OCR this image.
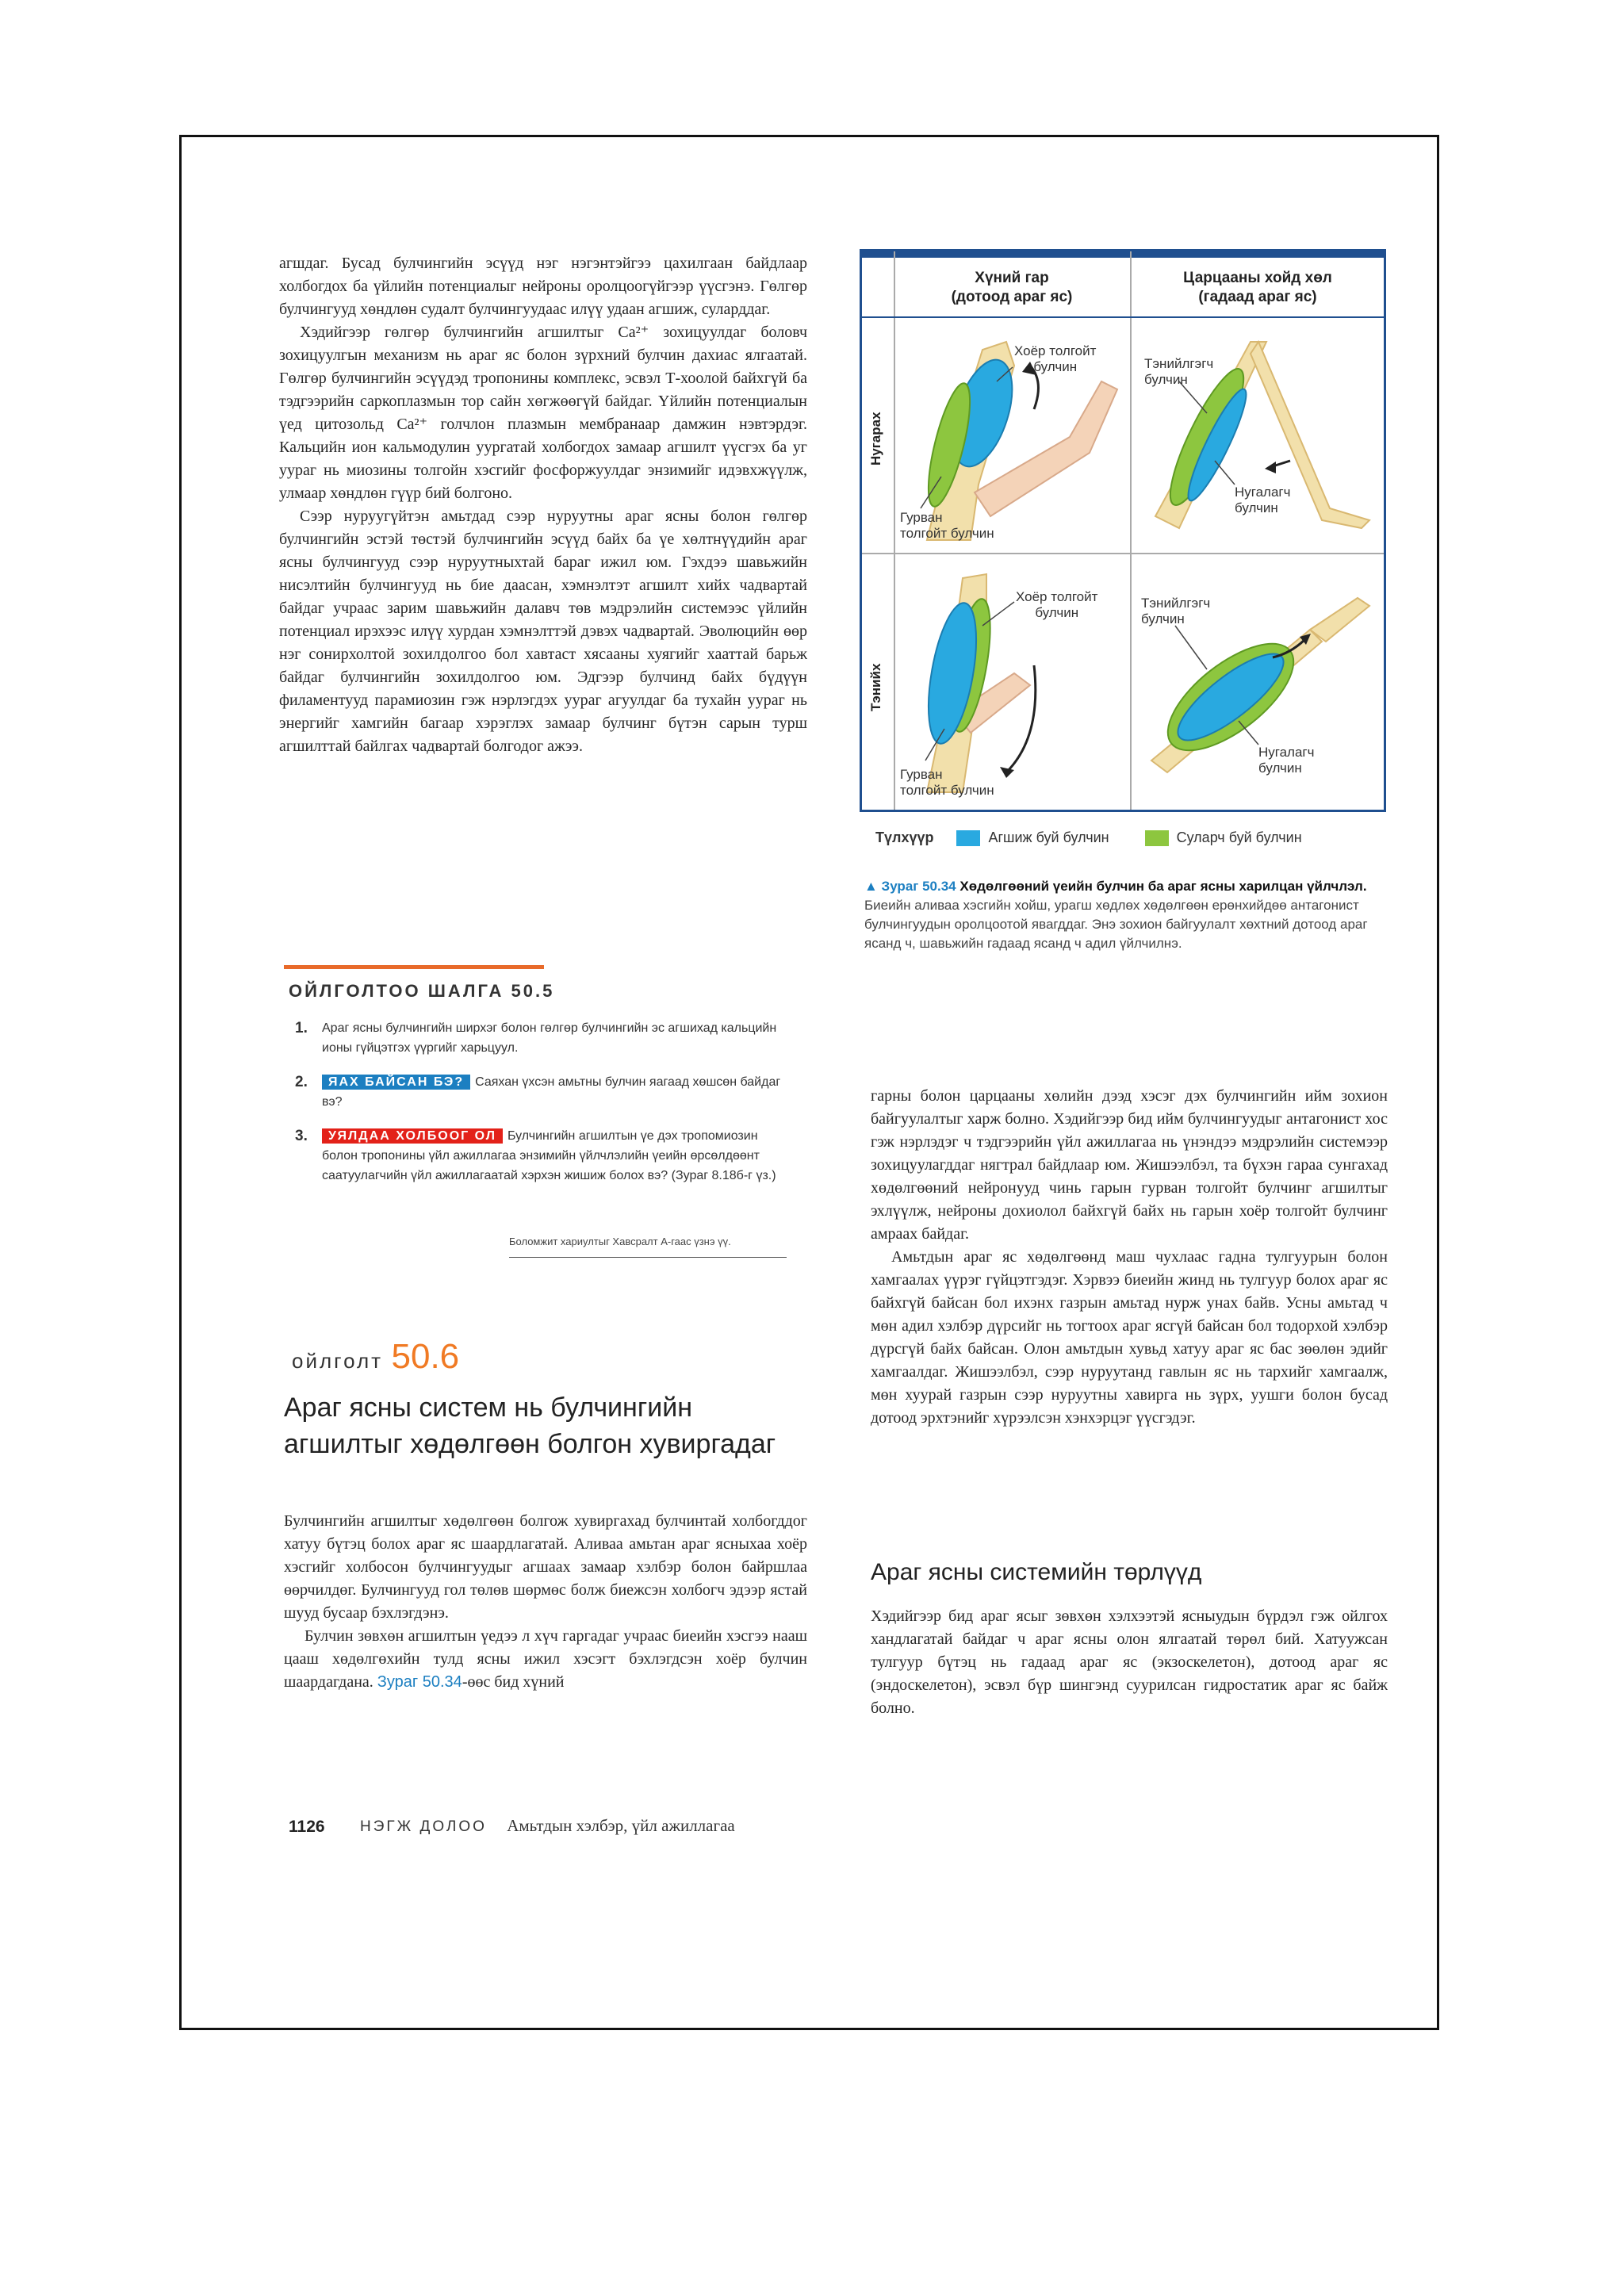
агшдаг. Бусад булчингийн эсүүд нэг нэгэнтэйгээ цахилгаан байдлаар холбогдох ба үйлийн потенциалыг нейроны оролцоогүйгээр үүсгэнэ. Гөлгөр булчингууд хөндлөн судалт булчингуудаас илүү удаан агшиж, суларддаг.

Хэдийгээр гөлгөр булчингийн агшилтыг Ca²⁺ зохицуулдаг боловч зохицуулгын механизм нь араг яс болон зүрхний булчин дахиас ялгаатай. Гөлгөр булчингийн эсүүдэд тропонины комплекс, эсвэл Т-хоолой байхгүй ба тэдгээрийн саркоплазмын тор сайн хөгжөөгүй байдаг. Үйлийн потенциалын үед цитозольд Ca²⁺ голчлон плазмын мембранаар дамжин нэвтэрдэг. Кальцийн ион кальмодулин уургатай холбогдох замаар агшилт үүсгэх ба уг уураг нь миозины толгойн хэсгийг фосфоржуулдаг энзимийг идэвхжүүлж, улмаар хөндлөн гүүр бий болгоно.

Сээр нуруугүйтэн амьтдад сээр нуруутны араг ясны болон гөлгөр булчингийн эстэй төстэй булчингийн эсүүд байх ба үе хөлтнүүдийн араг ясны булчингууд сээр нуруутныхтай бараг ижил юм. Гэхдээ шавьжийн нисэлтийн булчингууд нь бие даасан, хэмнэлтэт агшилт хийх чадвартай байдаг учраас зарим шавьжийн далавч төв мэдрэлийн системээс үйлийн потенциал ирэхээс илүү хурдан хэмнэлттэй дэвэх чадвартай. Эволюцийн өөр нэг сонирхолтой зохилдолгоо бол хавтаст хясааны хуягийг хааттай барьж байдаг булчингийн зохилдолгоо юм. Эдгээр булчинд байх бүдүүн филаментууд парамиозин гэж нэрлэгдэх уураг агуулдаг ба тухайн уураг нь энергийг хамгийн багаар хэрэглэх замаар булчинг бүтэн сарын турш агшилттай байлгах чадвартай болгодог ажээ.

ОЙЛГОЛТОО ШАЛГА 50.5
1. Араг ясны булчингийн ширхэг болон гөлгөр булчингийн эс агшихад кальцийн ионы гүйцэтгэх үүргийг харьцуул.
2. ЯАХ БАЙСАН БЭ? Саяхан үхсэн амьтны булчин яагаад хөшсөн байдаг вэ?
3. УЯЛДАА ХОЛБООГ ОЛ Булчингийн агшилтын үе дэх тропомиозин болон тропонины үйл ажиллагаа энзимийн үйлчлэлийн үеийн өрсөлдөөнт саатуулагчийн үйл ажиллагаатай хэрхэн жишиж болох вэ? (Зураг 8.18б-г үз.)
Боломжит хариултыг Хавсралт А-гаас үзнэ үү.
ойлголт 50.6
Араг ясны систем нь булчингийн агшилтыг хөдөлгөөн болгон хувиргадаг

Булчингийн агшилтыг хөдөлгөөн болгож хувиргахад булчинтай холбогддог хатуу бүтэц болох араг яс шаардлагатай. Аливаа амьтан араг ясныхаа хоёр хэсгийг холбосон булчингуудыг агшаах замаар хэлбэр болон байршлаа өөрчилдөг. Булчингууд гол төлөв шөрмөс болж биежсэн холбогч эдээр ястай шууд бусаар бэхлэгдэнэ.

Булчин зөвхөн агшилтын үедээ л хүч гаргадаг учраас биеийн хэсгээ нааш цааш хөдөлгөхийн тулд ясны ижил хэсэгт бэхлэгдсэн хоёр булчин шаардагдана. Зураг 50.34-өөс бид хүний

Хүний гар
(дотоод араг яс)
Царцааны хойд хөл
(гадаад араг яс)
Нугарах
Тэнийх
Хоёр толгойт
булчин
Гурван
толгойт булчин
Тэнийлгэгч
булчин
Нугалагч
булчин
Хоёр толгойт
булчин
Гурван
толгойт булчин
Тэнийлгэгч
булчин
Нугалагч
булчин
Түлхүүр	Агшиж буй булчин	Суларч буй булчин
▲ Зураг 50.34 Хөдөлгөөний үеийн булчин ба араг ясны харилцан үйлчлэл. Биеийн аливаа хэсгийн хойш, урагш хөдлөх хөдөлгөөн ерөнхийдөө антагонист булчингуудын оролцоотой явагддаг. Энэ зохион байгуулалт хөхтний дотоод араг ясанд ч, шавьжийн гадаад ясанд ч адил үйлчилнэ.

гарны болон царцааны хөлийн дээд хэсэг дэх булчингийн ийм зохион байгуулалтыг харж болно. Хэдийгээр бид ийм булчингуудыг антагонист хос гэж нэрлэдэг ч тэдгээрийн үйл ажиллагаа нь үнэндээ мэдрэлийн системээр зохицуулагддаг нягтрал байдлаар юм. Жишээлбэл, та бүхэн гараа сунгахад хөдөлгөөний нейронууд чинь гарын гурван толгойт булчинг агшилтыг эхлүүлж, нейроны дохиолол байхгүй байх нь гарын хоёр толгойт булчинг амраах байдаг.

Амьтдын араг яс хөдөлгөөнд маш чухлаас гадна тулгуурын болон хамгаалах үүрэг гүйцэтгэдэг. Хэрвээ биеийн жинд нь тулгуур болох араг яс байхгүй байсан бол ихэнх газрын амьтад нурж унах байв. Усны амьтад ч мөн адил хэлбэр дүрсийг нь тогтоох араг ясгүй байсан бол тодорхой хэлбэр дүрсгүй байх байсан. Олон амьтдын хувьд хатуу араг яс бас зөөлөн эдийг хамгаалдаг. Жишээлбэл, сээр нуруутанд гавлын яс нь тархийг хамгаалж, мөн хуурай газрын сээр нуруутны хавирга нь зүрх, уушги болон бусад дотоод эрхтэнийг хүрээлсэн хэнхэрцэг үүсгэдэг.

Араг ясны системийн төрлүүд

Хэдийгээр бид араг ясыг зөвхөн хэлхээтэй ясныудын бүрдэл гэж ойлгох хандлагатай байдаг ч араг ясны олон ялгаатай төрөл бий. Хатуужсан тулгуур бүтэц нь гадаад араг яс (экзоскелетон), дотоод араг яс (эндоскелетон), эсвэл бүр шингэнд суурилсан гидростатик араг яс байж болно.

1126 НЭГЖ ДОЛОО Амьтдын хэлбэр, үйл ажиллагаа
